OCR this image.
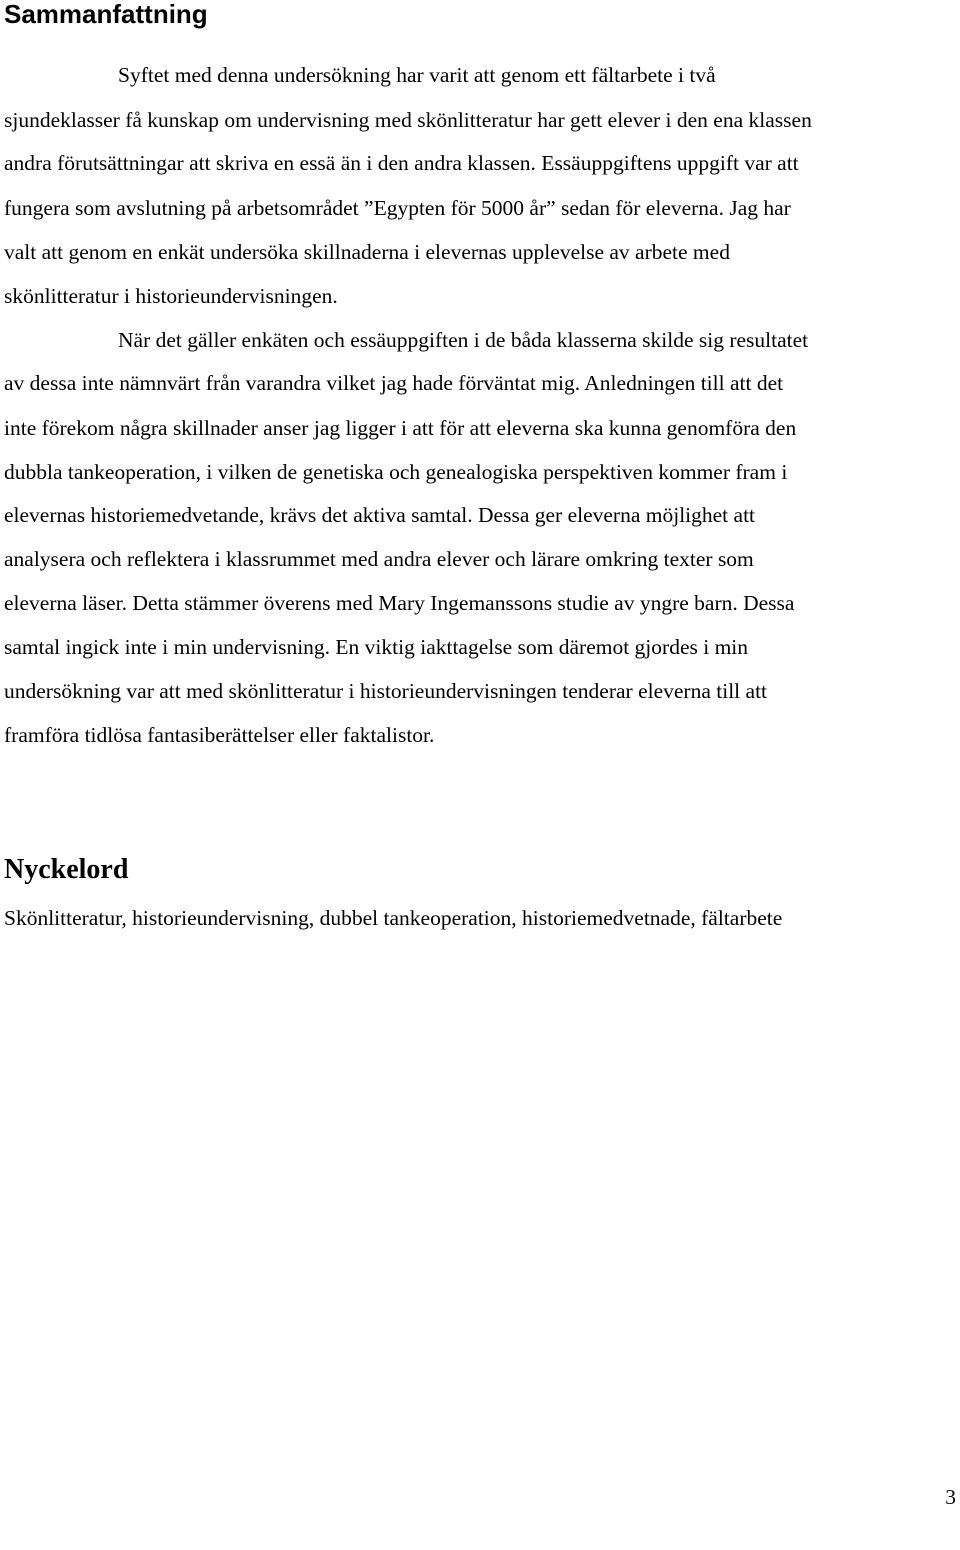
Sammanfattning

Syftet med denna undersökning har varit att genom ett fältarbete i två

sjundeklasser få kunskap om undervisning med skönlitteratur har gett elever i den ena klassen

andra förutsättningar att skriva en essä än i den andra klassen. Essäuppgiftens uppgift var att

fungera som avslutning på arbetsområdet ”Egypten för 5000 år” sedan för eleverna. Jag har

valt att genom en enkät undersöka skillnaderna i elevernas upplevelse av arbete med

skönlitteratur i historieundervisningen.

När det gäller enkäten och essäuppgiften i de båda klasserna skilde sig resultatet

av dessa inte nämnvärt från varandra vilket jag hade förväntat mig. Anledningen till att det

inte förekom några skillnader anser jag ligger i att för att eleverna ska kunna genomföra den

dubbla tankeoperation, i vilken de genetiska och genealogiska perspektiven kommer fram i

elevernas historiemedvetande, krävs det aktiva samtal. Dessa ger eleverna möjlighet att

analysera och reflektera i klassrummet med andra elever och lärare omkring texter som

eleverna läser. Detta stämmer överens med Mary Ingemanssons studie av yngre barn. Dessa

samtal ingick inte i min undervisning. En viktig iakttagelse som däremot gjordes i min

undersökning var att med skönlitteratur i historieundervisningen tenderar eleverna till att

framföra tidlösa fantasiberättelser eller faktalistor.

Nyckelord

Skönlitteratur, historieundervisning, dubbel tankeoperation, historiemedvetnade, fältarbete

3
